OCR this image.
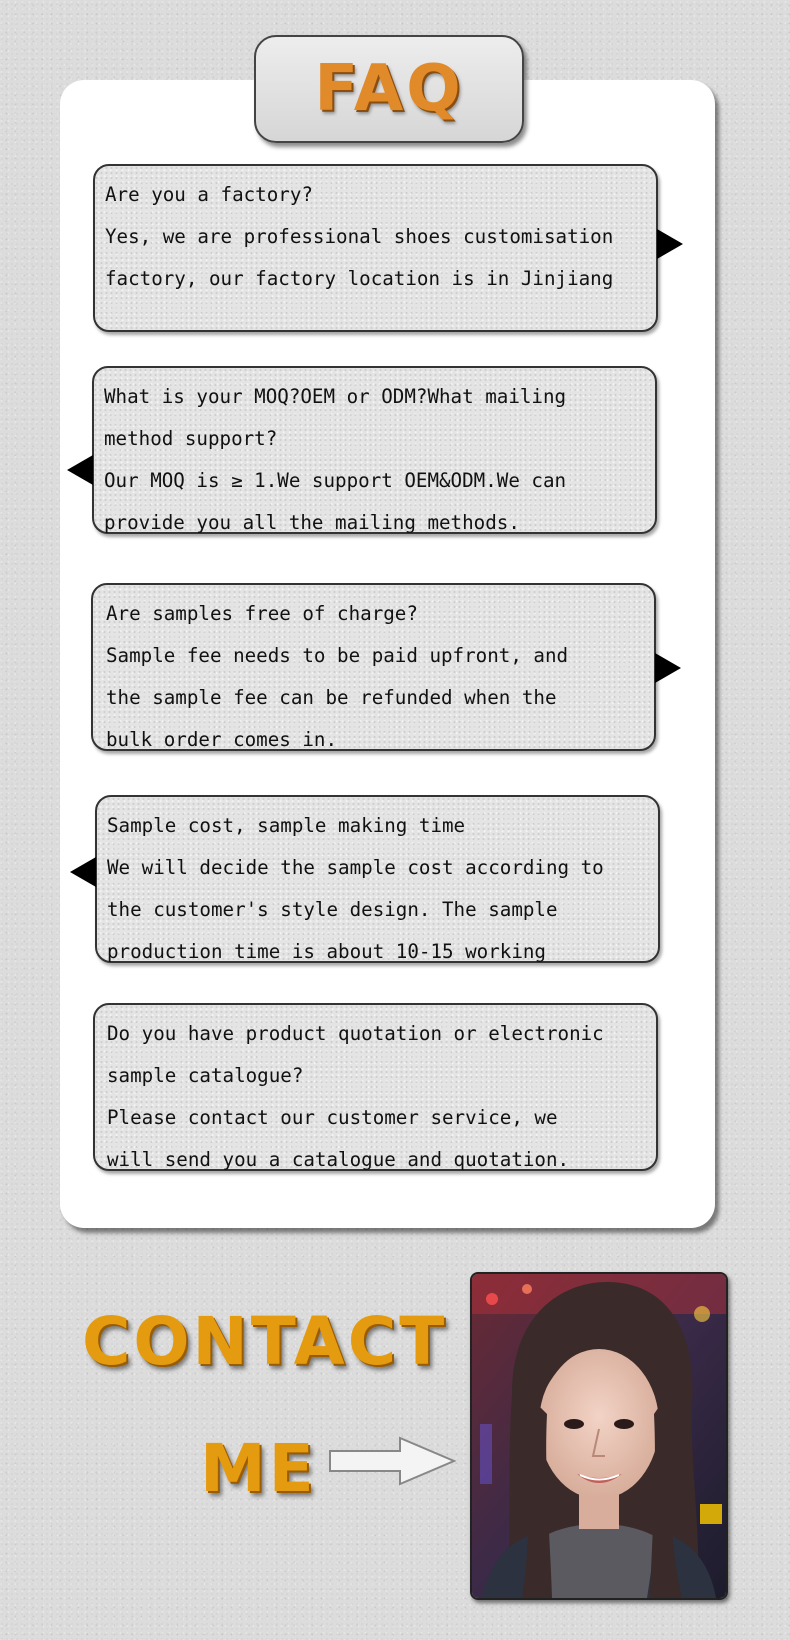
FAQ
Are you a factory?
Yes, we are professional shoes customisation
factory, our factory location is in Jinjiang
What is your MOQ?OEM or ODM?What mailing
method support?
Our MOQ is ≥ 1.We support OEM&ODM.We can
provide you all the mailing methods.
Are samples free of charge?
Sample fee needs to be paid upfront, and
the sample fee can be refunded when the
bulk order comes in.
Sample cost, sample making time
We will decide the sample cost according to
the customer's style design. The sample
production time is about 10-15 working
Do you have product quotation or electronic
sample catalogue?
Please contact our customer service, we
will send you a catalogue and quotation.
CONTACT
ME
